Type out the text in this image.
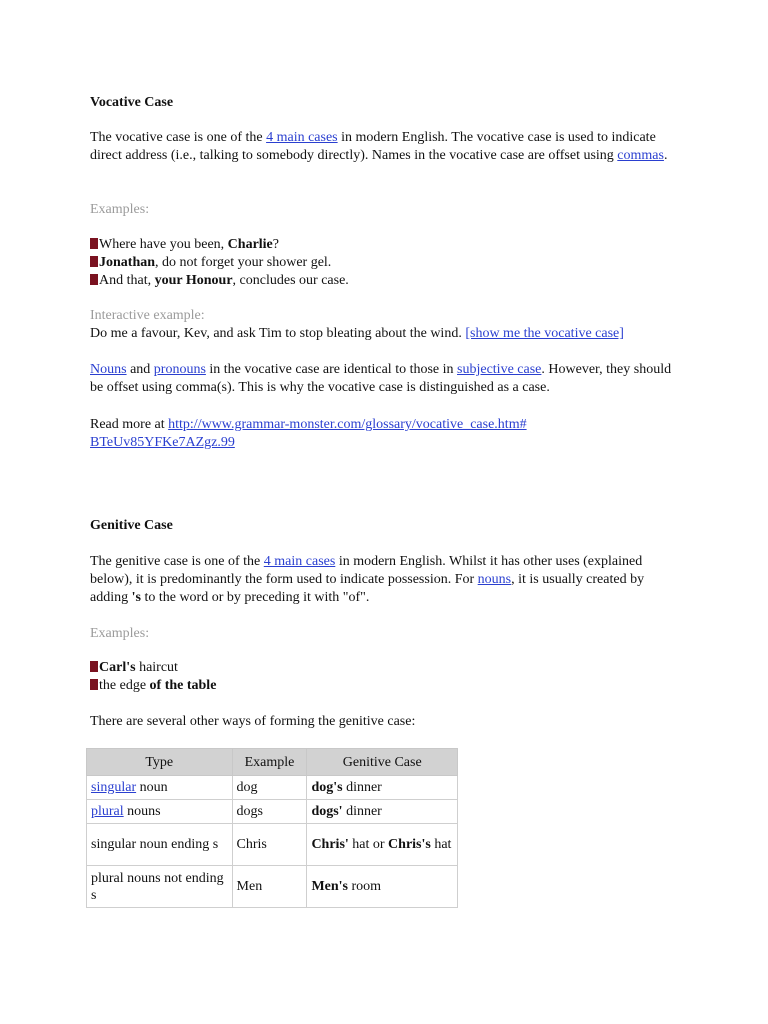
Vocative Case

The vocative case is one of the 4 main cases in modern English. The vocative case is used to indicate direct address (i.e., talking to somebody directly). Names in the vocative case are offset using commas.

Examples:

Where have you been, Charlie?
Jonathan, do not forget your shower gel.
And that, your Honour, concludes our case.

Interactive example:

Do me a favour, Kev, and ask Tim to stop bleating about the wind. [show me the vocative case]

Nouns and pronouns in the vocative case are identical to those in subjective case. However, they should be offset using comma(s). This is why the vocative case is distinguished as a case.

Read more at http://www.grammar-monster.com/glossary/vocative_case.htm#BTeUv85YFKe7AZgz.99

Genitive Case

The genitive case is one of the 4 main cases in modern English. Whilst it has other uses (explained below), it is predominantly the form used to indicate possession. For nouns, it is usually created by adding 's to the word or by preceding it with "of".

Examples:

Carl's haircut
the edge of the table

There are several other ways of forming the genitive case:

Type	Example	Genitive Case
singular noun	dog	dog's dinner
plural nouns	dogs	dogs' dinner
singular noun ending s	Chris	Chris' hat or Chris's hat
plural nouns not ending s	Men	Men's room
